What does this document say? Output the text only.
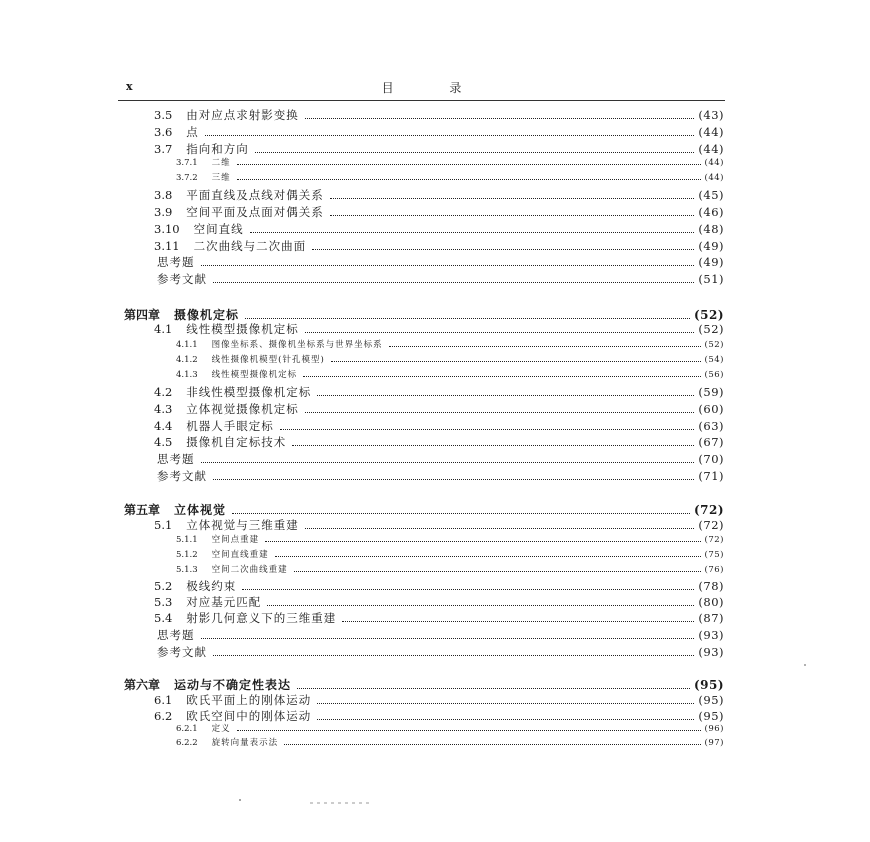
x	目 录
3.5 由对应点求射影变换	(43)
3.6 点	(44)
3.7 指向和方向	(44)
3.7.1 二维	(44)
3.7.2 三维	(44)
3.8 平面直线及点线对偶关系	(45)
3.9 空间平面及点面对偶关系	(46)
3.10 空间直线	(48)
3.11 二次曲线与二次曲面	(49)
思考题	(49)
参考文献	(51)
第四章 摄像机定标	(52)
4.1 线性模型摄像机定标	(52)
4.1.1 图像坐标系、摄像机坐标系与世界坐标系	(52)
4.1.2 线性摄像机模型(针孔模型)	(54)
4.1.3 线性模型摄像机定标	(56)
4.2 非线性模型摄像机定标	(59)
4.3 立体视觉摄像机定标	(60)
4.4 机器人手眼定标	(63)
4.5 摄像机自定标技术	(67)
思考题	(70)
参考文献	(71)
第五章 立体视觉	(72)
5.1 立体视觉与三维重建	(72)
5.1.1 空间点重建	(72)
5.1.2 空间直线重建	(75)
5.1.3 空间二次曲线重建	(76)
5.2 极线约束	(78)
5.3 对应基元匹配	(80)
5.4 射影几何意义下的三维重建	(87)
思考题	(93)
参考文献	(93)
第六章 运动与不确定性表达	(95)
6.1 欧氏平面上的刚体运动	(95)
6.2 欧氏空间中的刚体运动	(95)
6.2.1 定义	(96)
6.2.2 旋转向量表示法	(97)
